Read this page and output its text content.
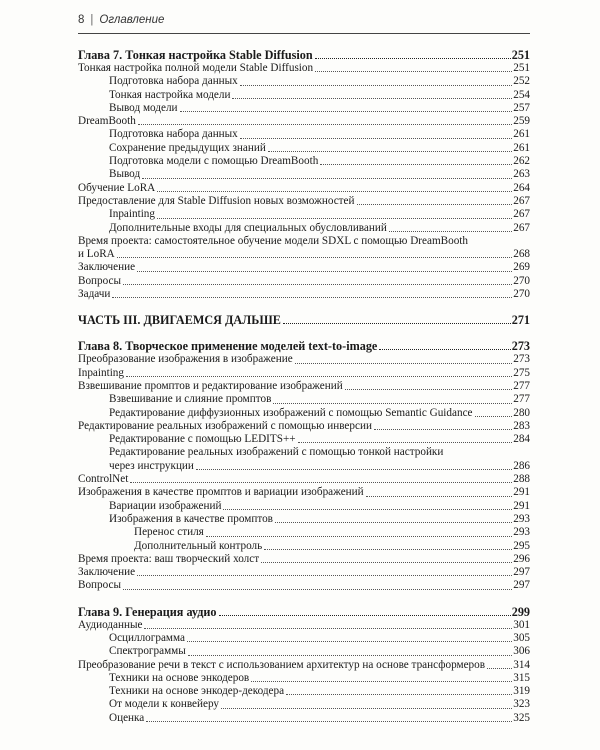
8 | Оглавление
Глава 7. Тонкая настройка Stable Diffusion	251
Тонкая настройка полной модели Stable Diffusion	251
Подготовка набора данных	252
Тонкая настройка модели	254
Вывод модели	257
DreamBooth	259
Подготовка набора данных	261
Сохранение предыдущих знаний	261
Подготовка модели с помощью DreamBooth	262
Вывод	263
Обучение LoRA	264
Предоставление для Stable Diffusion новых возможностей	267
Inpainting	267
Дополнительные входы для специальных обусловливаний	267
Время проекта: самостоятельное обучение модели SDXL с помощью DreamBooth
и LoRA	268
Заключение	269
Вопросы	270
Задачи	270
ЧАСТЬ III. ДВИГАЕМСЯ ДАЛЬШЕ	271
Глава 8. Творческое применение моделей text-to-image	273
Преобразование изображения в изображение	273
Inpainting	275
Взвешивание промптов и редактирование изображений	277
Взвешивание и слияние промптов	277
Редактирование диффузионных изображений с помощью Semantic Guidance	280
Редактирование реальных изображений с помощью инверсии	283
Редактирование с помощью LEDITS++	284
Редактирование реальных изображений с помощью тонкой настройки
через инструкции	286
ControlNet	288
Изображения в качестве промптов и вариации изображений	291
Вариации изображений	291
Изображения в качестве промптов	293
Перенос стиля	293
Дополнительный контроль	295
Время проекта: ваш творческий холст	296
Заключение	297
Вопросы	297
Глава 9. Генерация аудио	299
Аудиоданные	301
Осциллограмма	305
Спектрограммы	306
Преобразование речи в текст с использованием архитектур на основе трансформеров	314
Техники на основе энкодеров	315
Техники на основе энкодер-декодера	319
От модели к конвейеру	323
Оценка	325
